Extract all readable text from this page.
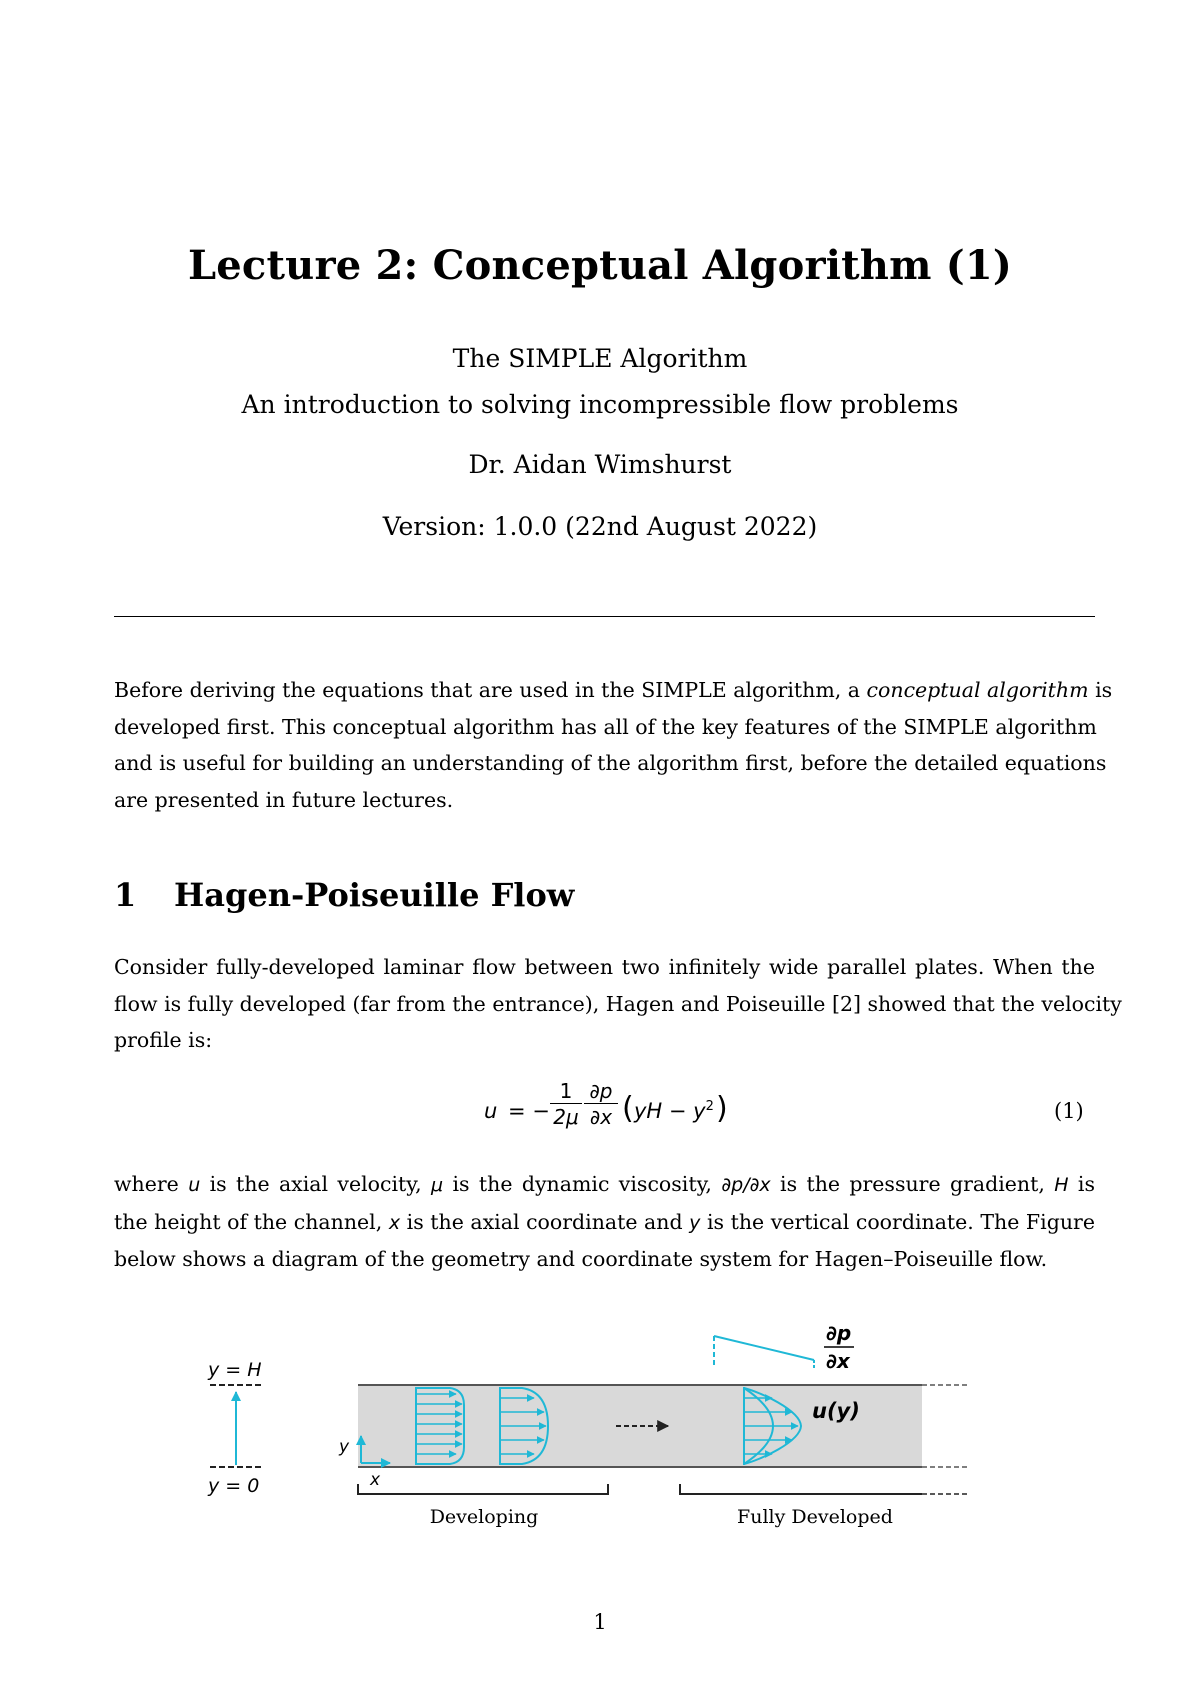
Lecture 2: Conceptual Algorithm (1)
The SIMPLE Algorithm
An introduction to solving incompressible flow problems
Dr. Aidan Wimshurst
Version: 1.0.0 (22nd August 2022)
Before deriving the equations that are used in the SIMPLE algorithm, a conceptual algorithm is
developed first. This conceptual algorithm has all of the key features of the SIMPLE algorithm
and is useful for building an understanding of the algorithm first, before the detailed equations
are presented in future lectures.
1 Hagen-Poiseuille Flow
Consider fully-developed laminar flow between two infinitely wide parallel plates. When the
flow is fully developed (far from the entrance), Hagen and Poiseuille [2] showed that the velocity
profile is:
u = −
1
2μ
∂p
∂x ( yH − $y^2$ )	(1)
where u is the axial velocity, μ is the dynamic viscosity, ∂p/∂x is the pressure gradient, H is
the height of the channel, x is the axial coordinate and y is the vertical coordinate. The Figure
below shows a diagram of the geometry and coordinate system for Hagen–Poiseuille flow.
y = H
y = 0
y
x
u(y)
∂p
∂x
Developing	Fully Developed
1
